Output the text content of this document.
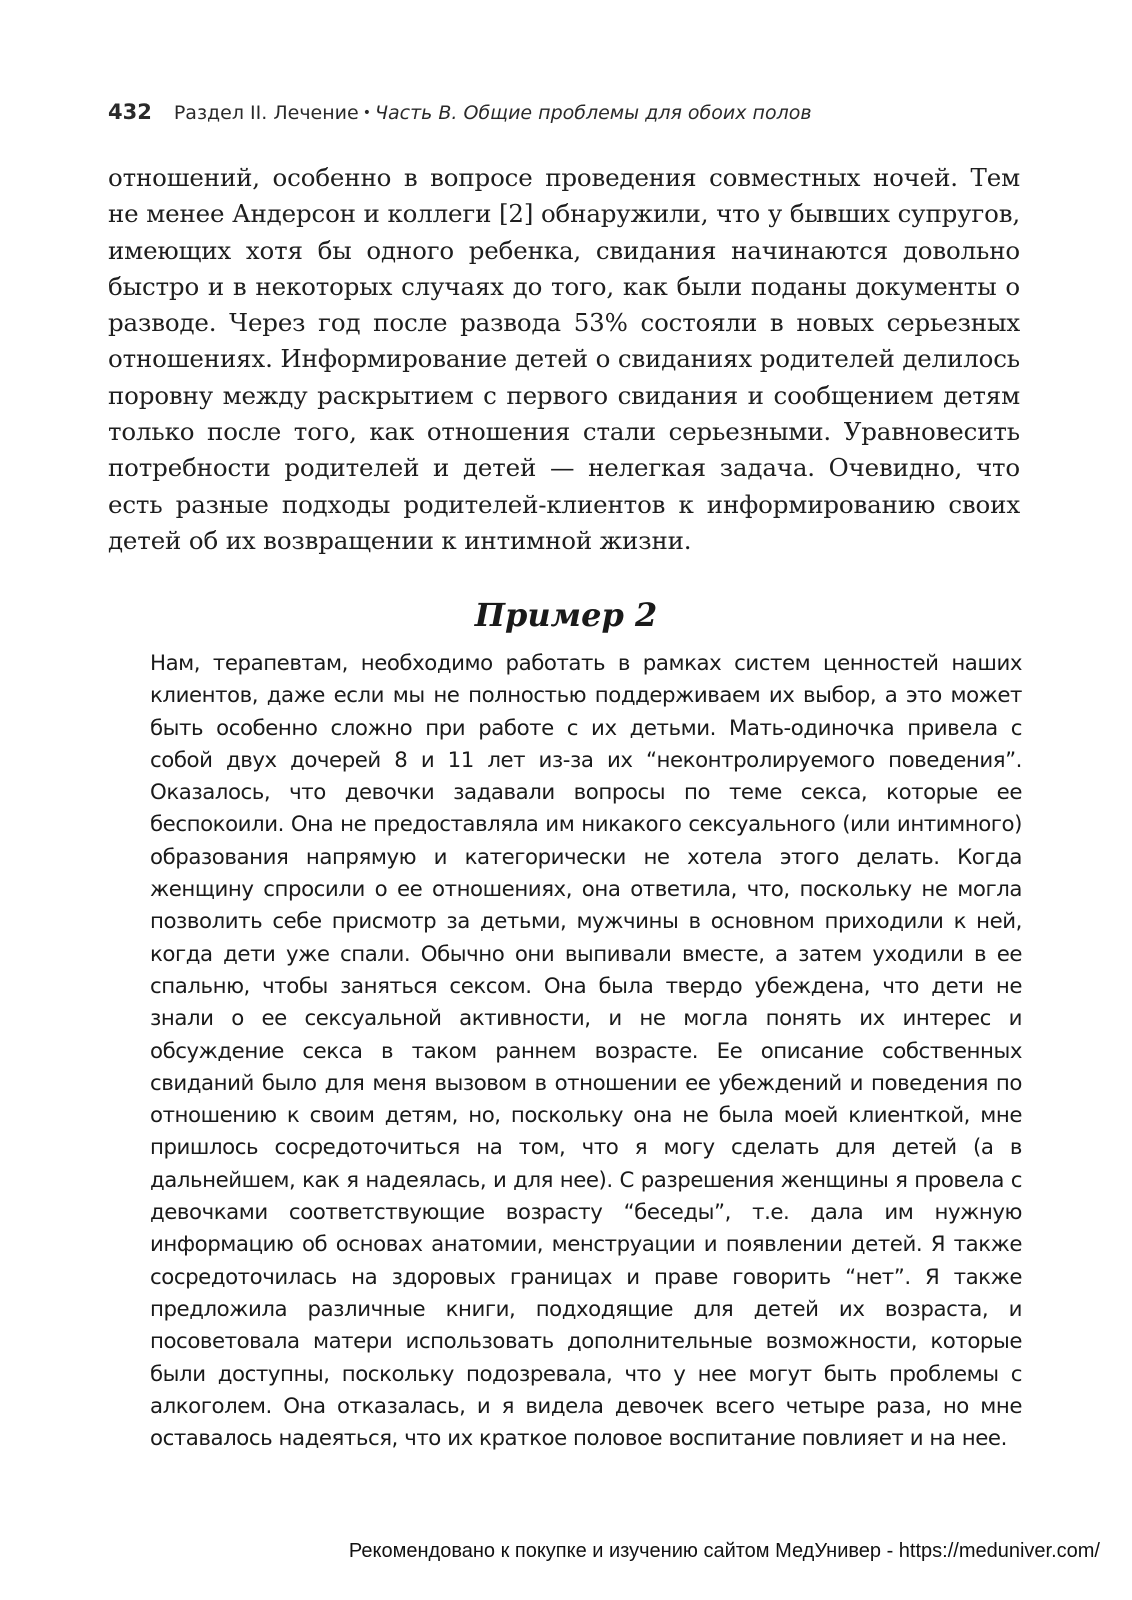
432 Раздел II. Лечение • Часть В. Общие проблемы для обоих полов

отношений, особенно в вопросе проведения совместных ночей. Тем не менее Андерсон и коллеги [2] обнаружили, что у бывших супругов, имеющих хотя бы одного ребенка, свидания начинаются довольно быстро и в некоторых случаях до того, как были поданы документы о разводе. Через год после развода 53% состояли в новых серьезных отношениях. Информирование детей о свиданиях родителей делилось поровну между раскрытием с первого свидания и сообщением детям только после того, как отношения стали серьезными. Уравновесить потребности родителей и детей — нелегкая задача. Очевидно, что есть разные подходы родителей-клиентов к информированию своих детей об их возвращении к интимной жизни.

Пример 2

Нам, терапевтам, необходимо работать в рамках систем ценностей наших клиентов, даже если мы не полностью поддерживаем их выбор, а это может быть особенно сложно при работе с их детьми. Мать-одиночка привела с собой двух дочерей 8 и 11 лет из-за их “неконтролируемого поведения”. Оказалось, что девочки задавали вопросы по теме секса, которые ее беспокоили. Она не предоставляла им никакого сексуального (или интимного) образования напрямую и категорически не хотела этого делать. Когда женщину спросили о ее отношениях, она ответила, что, поскольку не могла позволить себе присмотр за детьми, мужчины в основном приходили к ней, когда дети уже спали. Обычно они выпивали вместе, а затем уходили в ее спальню, чтобы заняться сексом. Она была твердо убеждена, что дети не знали о ее сексуальной активности, и не могла понять их интерес и обсуждение секса в таком раннем возрасте. Ее описание собственных свиданий было для меня вызовом в отношении ее убеждений и поведения по отношению к своим детям, но, поскольку она не была моей клиенткой, мне пришлось сосредоточиться на том, что я могу сделать для детей (а в дальнейшем, как я надеялась, и для нее). С разрешения женщины я провела с девочками соответствующие возрасту “беседы”, т.е. дала им нужную информацию об основах анатомии, менструации и появлении детей. Я также сосредоточилась на здоровых границах и праве говорить “нет”. Я также предложила различные книги, подходящие для детей их возраста, и посоветовала матери использовать дополнительные возможности, которые были доступны, поскольку подозревала, что у нее могут быть проблемы с алкоголем. Она отказалась, и я видела девочек всего четыре раза, но мне оставалось надеяться, что их краткое половое воспитание повлияет и на нее.

Рекомендовано к покупке и изучению сайтом МедУнивер - https://meduniver.com/
